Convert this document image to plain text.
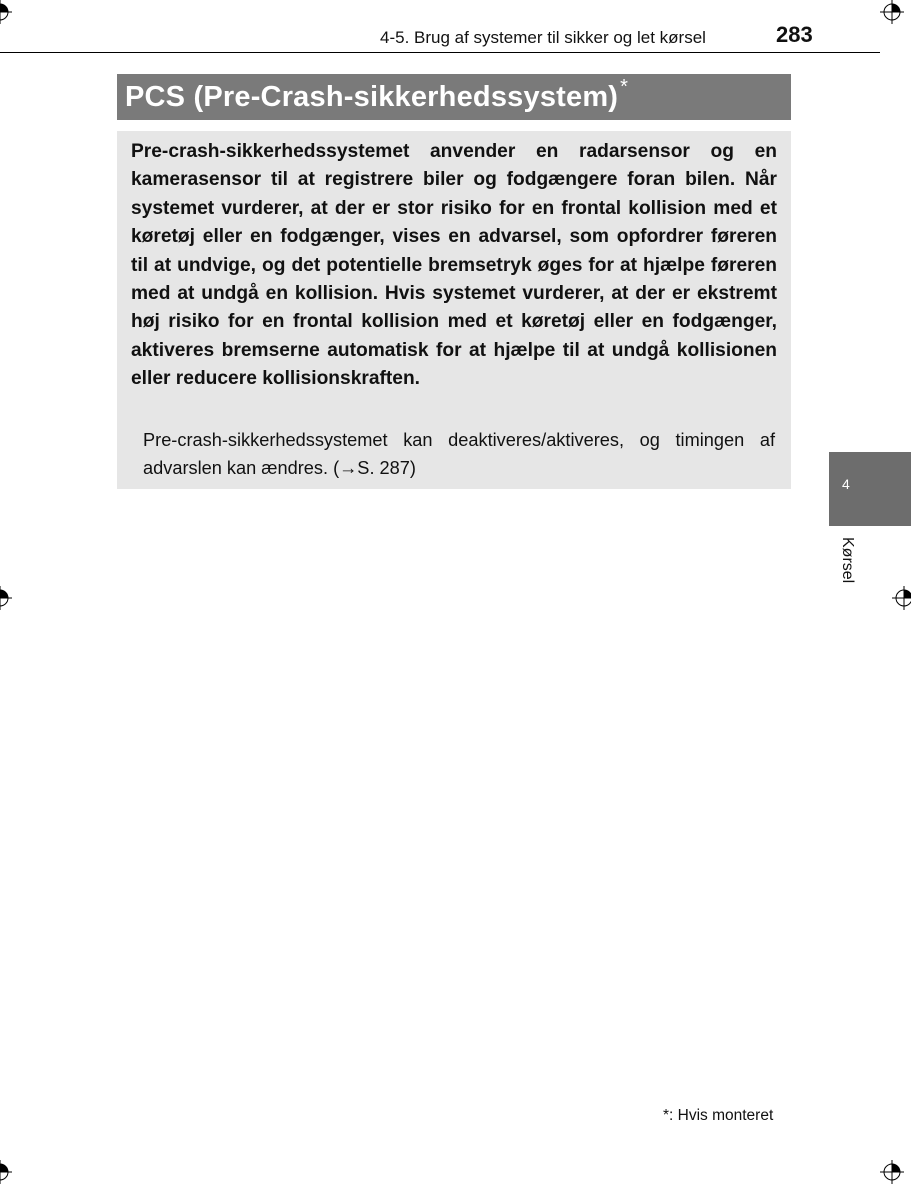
4-5. Brug af systemer til sikker og let kørsel	283
PCS (Pre-Crash-sikkerhedssystem) *
Pre-crash-sikkerhedssystemet anvender en radarsensor og en kamerasensor til at registrere biler og fodgængere foran bilen. Når systemet vurderer, at der er stor risiko for en frontal kollision med et køretøj eller en fodgænger, vises en advarsel, som opfordrer føreren til at undvige, og det potentielle bremsetryk øges for at hjælpe føreren med at undgå en kollision. Hvis systemet vurderer, at der er ekstremt høj risiko for en frontal kollision med et køretøj eller en fodgænger, aktiveres bremserne automatisk for at hjælpe til at undgå kollisionen eller reducere kollisionskraften.
Pre-crash-sikkerhedssystemet kan deaktiveres/aktiveres, og timingen af advarslen kan ændres. (→S. 287)
4
Kørsel
*: Hvis monteret
